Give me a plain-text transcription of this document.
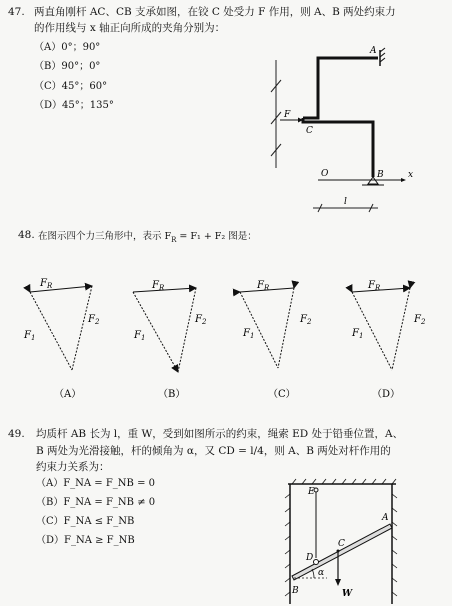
47. 两直角刚杆 AC、CB 支承如图，在铰 C 处受力 F 作用，则 A、B 两处约束力
的作用线与 x 轴正向所成的夹角分别为：
（A）0°；90°
（B）90°；0°
（C）45°；60°
（D）45°；135°
A
F
C
O	B	x
l
48. 在图示四个力三角形中，表示 $F_R = F_1 + F_2$ 图是：
$F_R$
$F_1$
$F_2$
$F_R$
$F_1$
$F_2$
$F_R$
$F_1$
$F_2$
$F_R$
$F_1$
$F_2$
（A）	（B）	（C）	（D）
49. 均质杆 AB 长为 l，重 W，受到如图所示的约束，绳索 ED 处于铅垂位置，A、
B 两处为光滑接触，杆的倾角为 α，又 CD = l/4，则 A、B 两处对杆作用的
约束力关系为：
（A）F_NA = F_NB = 0
（B）F_NA = F_NB ≠ 0
（C）F_NA ≤ F_NB
（D）F_NA ≥ F_NB
E
A
C
D
α
B	W
